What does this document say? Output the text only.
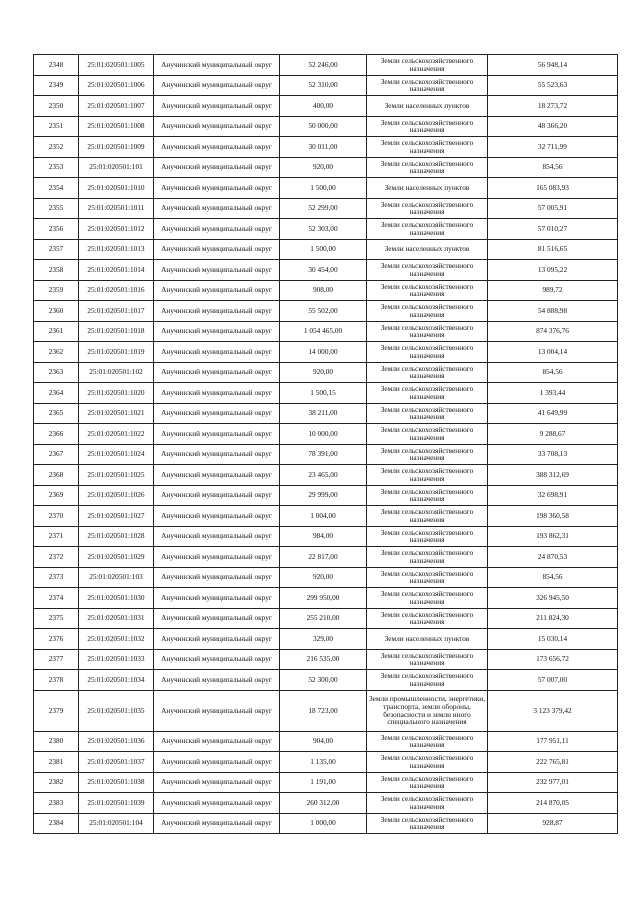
2348	25:01:020501:1005	Анучинский муниципальный округ	52 246,00	Земли сельскохозяйственного назначения	56 948,14
2349	25:01:020501:1006	Анучинский муниципальный округ	52 310,00	Земли сельскохозяйственного назначения	55 523,63
2350	25:01:020501:1007	Анучинский муниципальный округ	400,00	Земли населенных пунктов	18 273,72
2351	25:01:020501:1008	Анучинский муниципальный округ	50 000,00	Земли сельскохозяйственного назначения	48 366,20
2352	25:01:020501:1009	Анучинский муниципальный округ	30 011,00	Земли сельскохозяйственного назначения	32 711,99
2353	25:01:020501:101	Анучинский муниципальный округ	920,00	Земли сельскохозяйственного назначения	854,56
2354	25:01:020501:1010	Анучинский муниципальный округ	1 500,00	Земли населенных пунктов	165 083,93
2355	25:01:020501:1011	Анучинский муниципальный округ	52 299,00	Земли сельскохозяйственного назначения	57 005,91
2356	25:01:020501:1012	Анучинский муниципальный округ	52 303,00	Земли сельскохозяйственного назначения	57 010,27
2357	25:01:020501:1013	Анучинский муниципальный округ	1 500,00	Земли населенных пунктов	81 516,65
2358	25:01:020501:1014	Анучинский муниципальный округ	30 454,00	Земли сельскохозяйственного назначения	13 095,22
2359	25:01:020501:1016	Анучинский муниципальный округ	908,00	Земли сельскохозяйственного назначения	989,72
2360	25:01:020501:1017	Анучинский муниципальный округ	55 502,00	Земли сельскохозяйственного назначения	54 888,98
2361	25:01:020501:1018	Анучинский муниципальный округ	1 054 465,00	Земли сельскохозяйственного назначения	874 376,76
2362	25:01:020501:1019	Анучинский муниципальный округ	14 000,00	Земли сельскохозяйственного назначения	13 004,14
2363	25:01:020501:102	Анучинский муниципальный округ	920,00	Земли сельскохозяйственного назначения	854,56
2364	25:01:020501:1020	Анучинский муниципальный округ	1 500,15	Земли сельскохозяйственного назначения	1 393,44
2365	25:01:020501:1021	Анучинский муниципальный округ	38 211,00	Земли сельскохозяйственного назначения	41 649,99
2366	25:01:020501:1022	Анучинский муниципальный округ	10 000,00	Земли сельскохозяйственного назначения	9 288,67
2367	25:01:020501:1024	Анучинский муниципальный округ	78 391,00	Земли сельскохозяйственного назначения	33 708,13
2368	25:01:020501:1025	Анучинский муниципальный округ	23 465,00	Земли сельскохозяйственного назначения	388 312,69
2369	25:01:020501:1026	Анучинский муниципальный округ	29 999,00	Земли сельскохозяйственного назначения	32 698,91
2370	25:01:020501:1027	Анучинский муниципальный округ	1 004,00	Земли сельскохозяйственного назначения	198 360,58
2371	25:01:020501:1028	Анучинский муниципальный округ	984,00	Земли сельскохозяйственного назначения	193 862,31
2372	25:01:020501:1029	Анучинский муниципальный округ	22 817,00	Земли сельскохозяйственного назначения	24 870,53
2373	25:01:020501:103	Анучинский муниципальный округ	920,00	Земли сельскохозяйственного назначения	854,56
2374	25:01:020501:1030	Анучинский муниципальный округ	299 950,00	Земли сельскохозяйственного назначения	326 945,50
2375	25:01:020501:1031	Анучинский муниципальный округ	255 210,00	Земли сельскохозяйственного назначения	211 824,30
2376	25:01:020501:1032	Анучинский муниципальный округ	329,00	Земли населенных пунктов	15 030,14
2377	25:01:020501:1033	Анучинский муниципальный округ	216 535,00	Земли сельскохозяйственного назначения	173 656,72
2378	25:01:020501:1034	Анучинский муниципальный округ	52 300,00	Земли сельскохозяйственного назначения	57 007,00
2379	25:01:020501:1035	Анучинский муниципальный округ	18 723,00	Земли промышленности, энергетики, транспорта, земли обороны, безопасности и земли иного специального назначения	3 123 379,42
2380	25:01:020501:1036	Анучинский муниципальный округ	904,00	Земли сельскохозяйственного назначения	177 951,11
2381	25:01:020501:1037	Анучинский муниципальный округ	1 135,00	Земли сельскохозяйственного назначения	222 765,81
2382	25:01:020501:1038	Анучинский муниципальный округ	1 191,00	Земли сельскохозяйственного назначения	232 977,01
2383	25:01:020501:1039	Анучинский муниципальный округ	260 312,00	Земли сельскохозяйственного назначения	214 870,05
2384	25:01:020501:104	Анучинский муниципальный округ	1 000,00	Земли сельскохозяйственного назначения	928,87
